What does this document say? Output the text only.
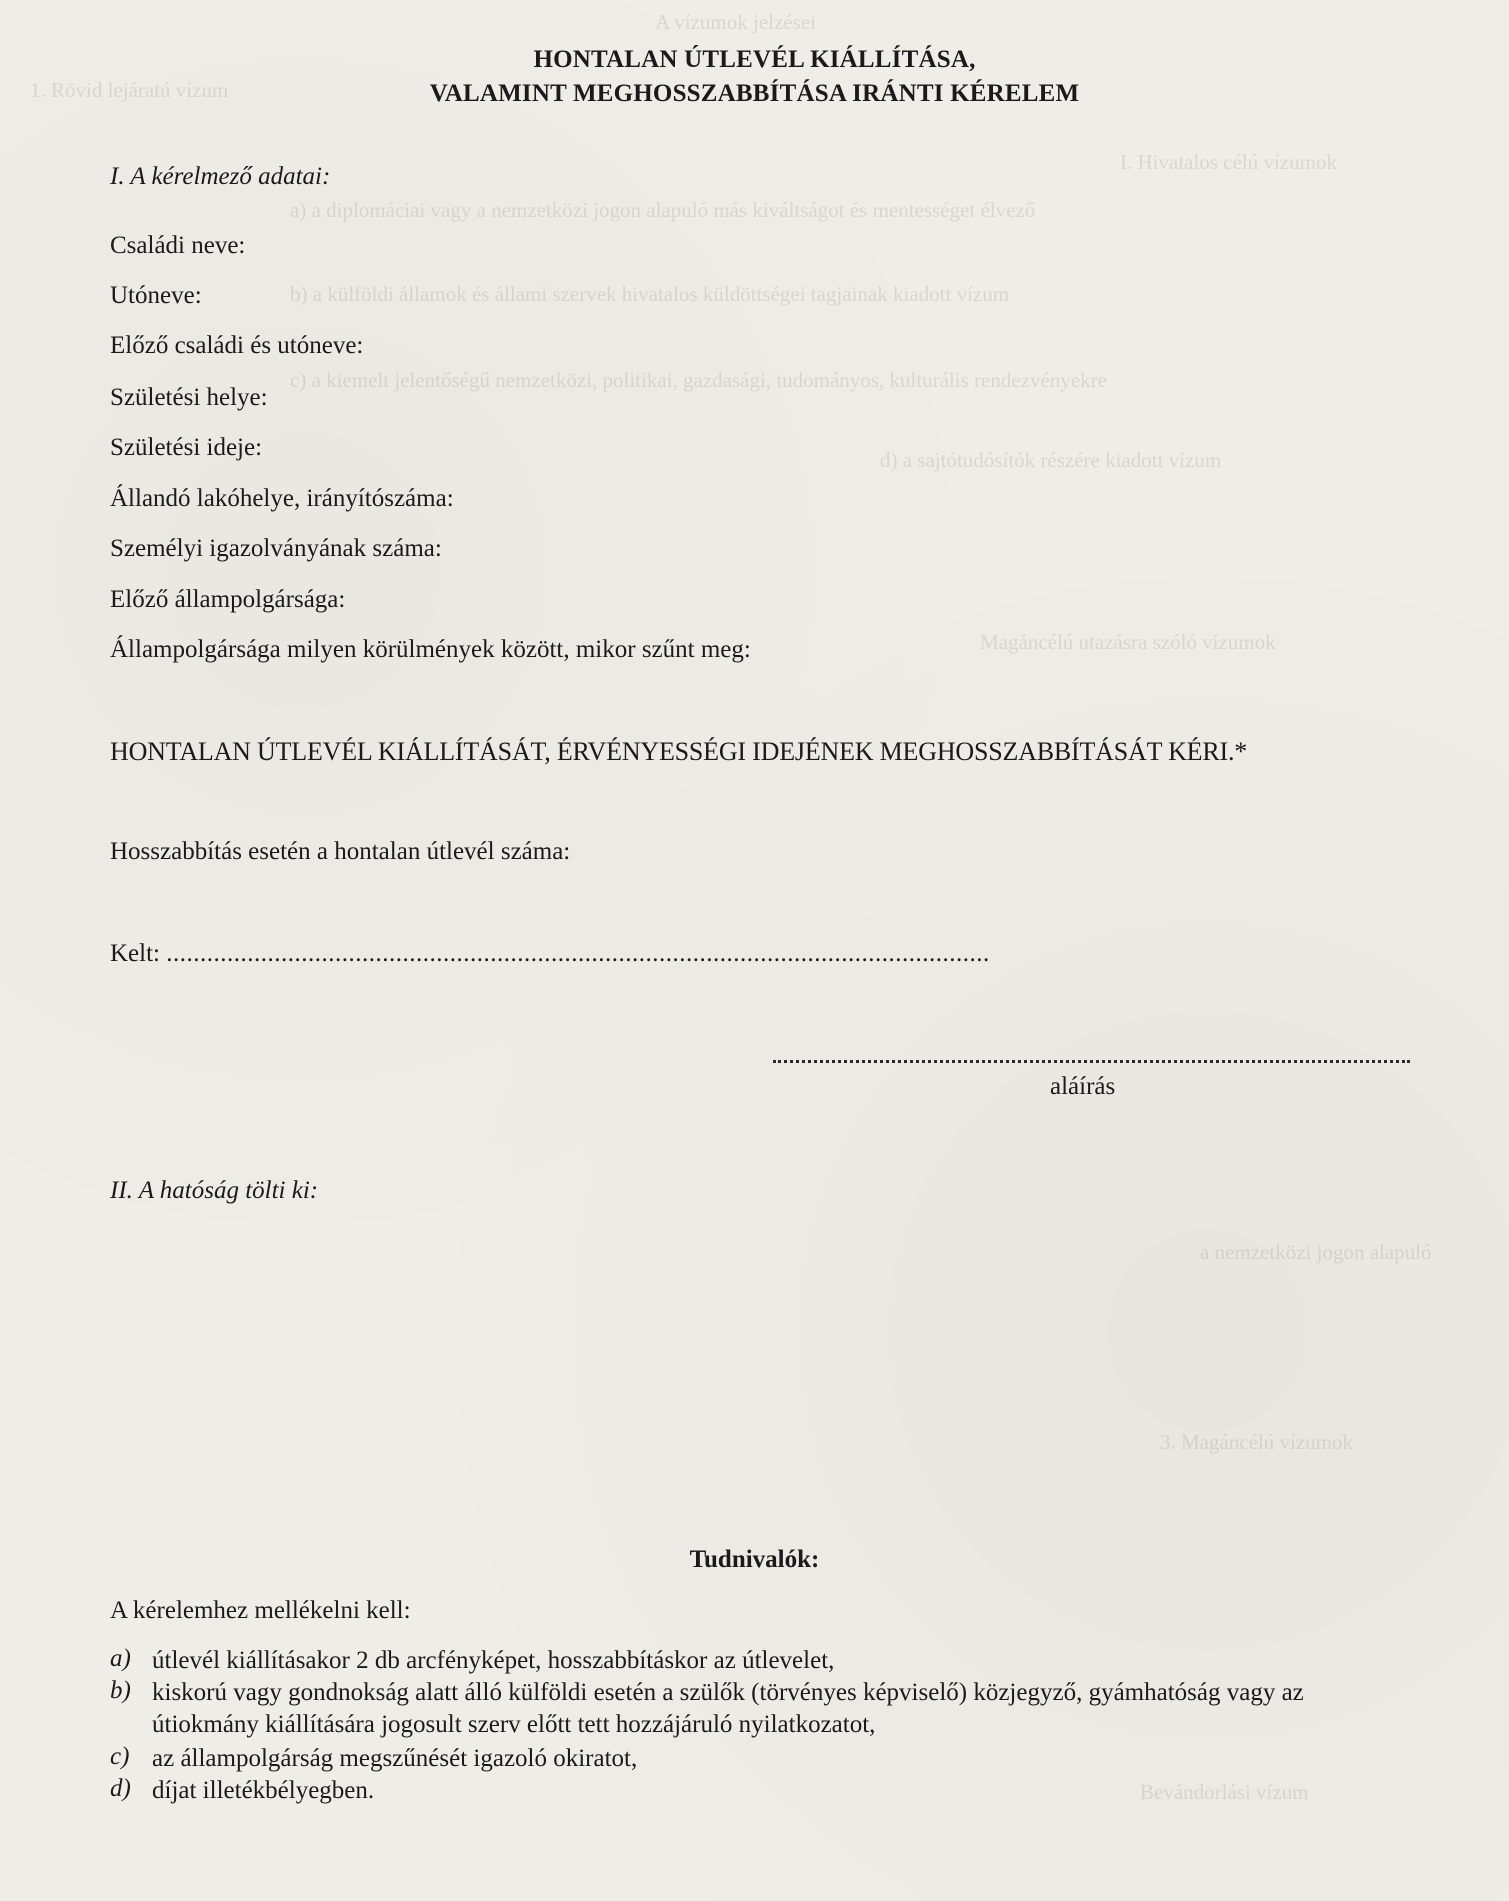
A vízumok jelzései
1. Rövid lejáratú vízum
I. Hivatalos célú vízumok
a) a diplomáciai vagy a nemzetközi jogon alapuló más kiváltságot és mentességet élvező
b) a külföldi államok és állami szervek hivatalos küldöttségei tagjainak kiadott vízum
c) a kiemelt jelentőségű nemzetközi, politikai, gazdasági, tudományos, kulturális rendezvényekre
d) a sajtótudósítók részére kiadott vízum
Magáncélú utazásra szóló vízumok
a nemzetközi jogon alapuló
3. Magáncélú vízumok
Bevándorlási vízum
HONTALAN ÚTLEVÉL KIÁLLÍTÁSA,
VALAMINT MEGHOSSZABBÍTÁSA IRÁNTI KÉRELEM
I. A kérelmező adatai:
Családi neve:
Utóneve:
Előző családi és utóneve:
Születési helye:
Születési ideje:
Állandó lakóhelye, irányítószáma:
Személyi igazolványának száma:
Előző állampolgársága:
Állampolgársága milyen körülmények között, mikor szűnt meg:
HONTALAN ÚTLEVÉL KIÁLLÍTÁSÁT, ÉRVÉNYESSÉGI IDEJÉNEK MEGHOSSZABBÍTÁSÁT KÉRI.*
Hosszabbítás esetén a hontalan útlevél száma:
Kelt: ..........................................................................................................................
aláírás
II. A hatóság tölti ki:
Tudnivalók:
A kérelemhez mellékelni kell:
a) útlevél kiállításakor 2 db arcfényképet, hosszabbításkor az útlevelet,
b) kiskorú vagy gondnokság alatt álló külföldi esetén a szülők (törvényes képviselő) közjegyző, gyámhatóság vagy az útiokmány kiállítására jogosult szerv előtt tett hozzájáruló nyilatkozatot,
c) az állampolgárság megszűnését igazoló okiratot,
d) díjat illetékbélyegben.
